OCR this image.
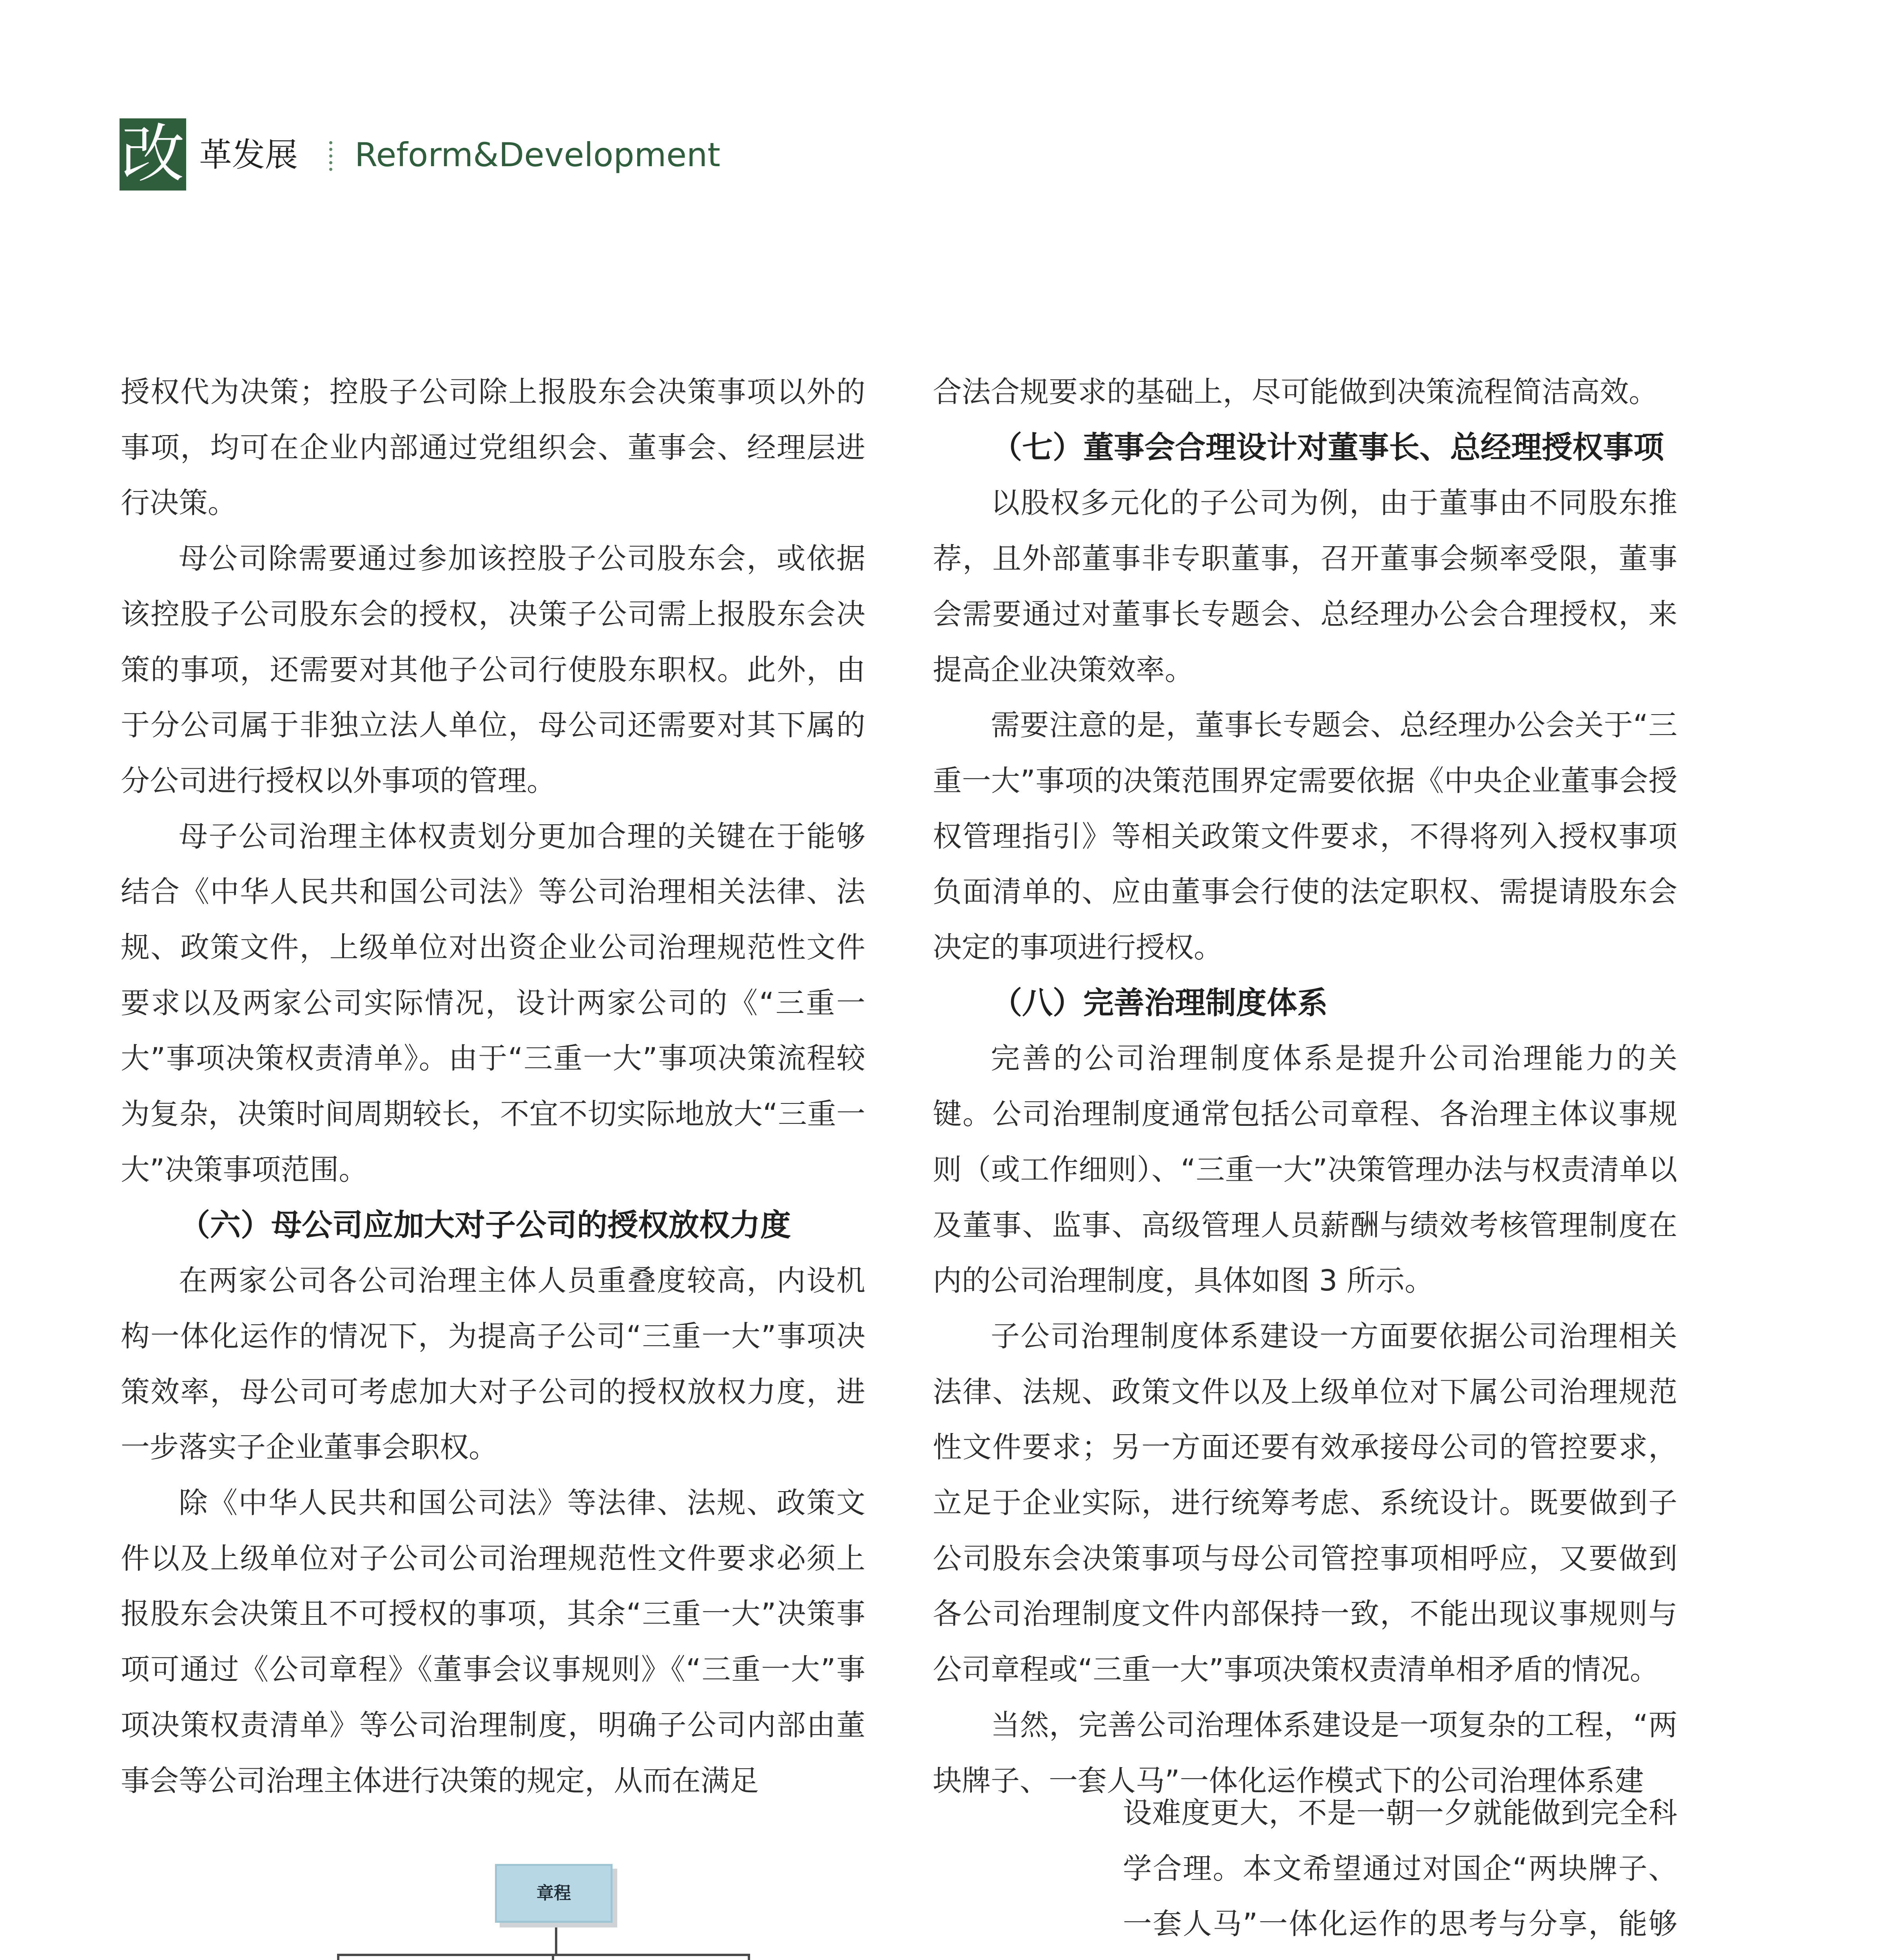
改 革发展 Reform&Development

授权代为决策；控股子公司除上报股东会决策事项以外的事项，均可在企业内部通过党组织会、董事会、经理层进行决策。

母公司除需要通过参加该控股子公司股东会，或依据该控股子公司股东会的授权，决策子公司需上报股东会决策的事项，还需要对其他子公司行使股东职权。此外，由于分公司属于非独立法人单位，母公司还需要对其下属的分公司进行授权以外事项的管理。

母子公司治理主体权责划分更加合理的关键在于能够结合《中华人民共和国公司法》等公司治理相关法律、法规、政策文件，上级单位对出资企业公司治理规范性文件要求以及两家公司实际情况，设计两家公司的《“三重一大”事项决策权责清单》。由于“三重一大”事项决策流程较为复杂，决策时间周期较长，不宜不切实际地放大“三重一大”决策事项范围。

（六）母公司应加大对子公司的授权放权力度

在两家公司各公司治理主体人员重叠度较高，内设机构一体化运作的情况下，为提高子公司“三重一大”事项决策效率，母公司可考虑加大对子公司的授权放权力度，进一步落实子企业董事会职权。

除《中华人民共和国公司法》等法律、法规、政策文件以及上级单位对子公司公司治理规范性文件要求必须上报股东会决策且不可授权的事项，其余“三重一大”决策事项可通过《公司章程》《董事会议事规则》《“三重一大”事项决策权责清单》等公司治理制度，明确子公司内部由董事会等公司治理主体进行决策的规定，从而在满足

合法合规要求的基础上，尽可能做到决策流程简洁高效。

（七）董事会合理设计对董事长、总经理授权事项

以股权多元化的子公司为例，由于董事由不同股东推荐，且外部董事非专职董事，召开董事会频率受限，董事会需要通过对董事长专题会、总经理办公会合理授权，来提高企业决策效率。

需要注意的是，董事长专题会、总经理办公会关于“三重一大”事项的决策范围界定需要依据《中央企业董事会授权管理指引》等相关政策文件要求，不得将列入授权事项负面清单的、应由董事会行使的法定职权、需提请股东会决定的事项进行授权。

（八）完善治理制度体系

完善的公司治理制度体系是提升公司治理能力的关键。公司治理制度通常包括公司章程、各治理主体议事规则（或工作细则）、“三重一大”决策管理办法与权责清单以及董事、监事、高级管理人员薪酬与绩效考核管理制度在内的公司治理制度，具体如图 3 所示。

子公司治理制度体系建设一方面要依据公司治理相关法律、法规、政策文件以及上级单位对下属公司治理规范性文件要求；另一方面还要有效承接母公司的管控要求，立足于企业实际，进行统筹考虑、系统设计。既要做到子公司股东会决策事项与母公司管控事项相呼应，又要做到各公司治理制度文件内部保持一致，不能出现议事规则与公司章程或“三重一大”事项决策权责清单相矛盾的情况。

当然，完善公司治理体系建设是一项复杂的工程，“两块牌子、一套人马”一体化运作模式下的公司治理体系建

设难度更大，不是一朝一夕就能做到完全科学合理。本文希望通过对国企“两块牌子、一套人马”一体化运作的思考与分享，能够

章程
